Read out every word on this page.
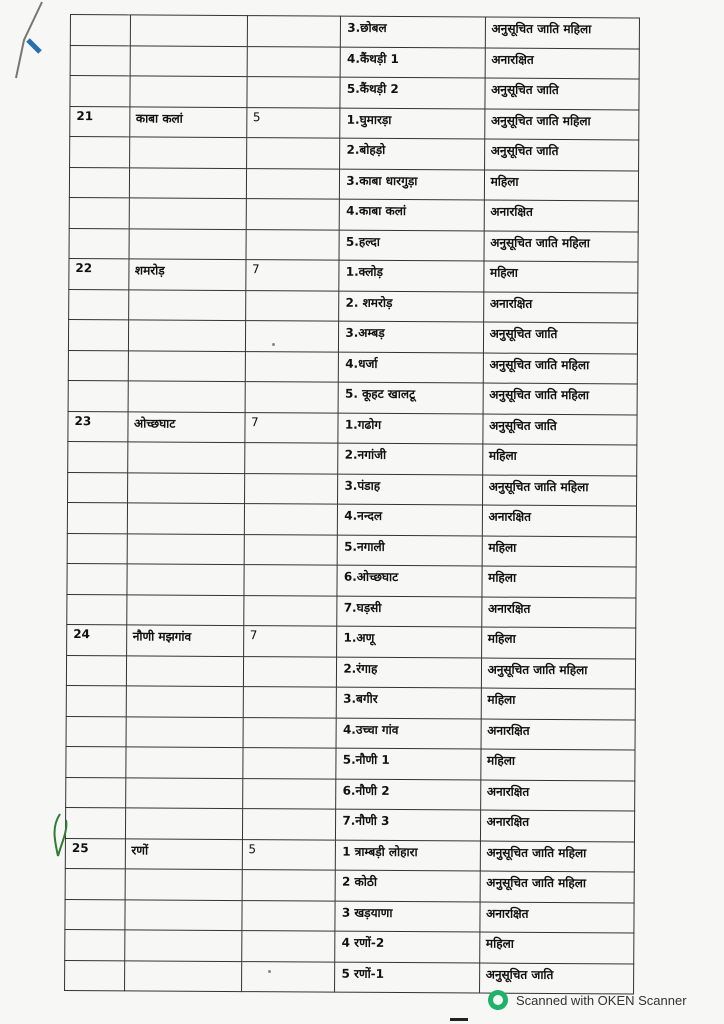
			3.छोबल	अनुसूचित जाति महिला
			4.कैंथड़ी 1	अनारक्षित
			5.कैंथड़ी 2	अनुसूचित जाति
21	काबा कलां	5	1.घुमारड़ा	अनुसूचित जाति महिला
			2.बोहड़ो	अनुसूचित जाति
			3.काबा धारगुड़ा	महिला
			4.काबा कलां	अनारक्षित
			5.हल्दा	अनुसूचित जाति महिला
22	शमरोड़	7	1.क्लोड़	महिला
			2. शमरोड़	अनारक्षित
			3.अम्बड़	अनुसूचित जाति
			4.धर्जा	अनुसूचित जाति महिला
			5. कूहट खालटू	अनुसूचित जाति महिला
23	ओच्छघाट	7	1.गढोग	अनुसूचित जाति
			2.नगांजी	महिला
			3.पंडाह	अनुसूचित जाति महिला
			4.नन्दल	अनारक्षित
			5.नगाली	महिला
			6.ओच्छघाट	महिला
			7.घड़सी	अनारक्षित
24	नौणी मझगांव	7	1.अणू	महिला
			2.रंगाह	अनुसूचित जाति महिला
			3.बगीर	महिला
			4.उच्चा गांव	अनारक्षित
			5.नौणी 1	महिला
			6.नौणी 2	अनारक्षित
			7.नौणी 3	अनारक्षित
25	रणों	5	1 त्राम्बड़ी लोहारा	अनुसूचित जाति महिला
			2 कोठी	अनुसूचित जाति महिला
			3 खड़याणा	अनारक्षित
			4 रणों-2	महिला
			5 रणों-1	अनुसूचित जाति
Scanned with OKEN Scanner
